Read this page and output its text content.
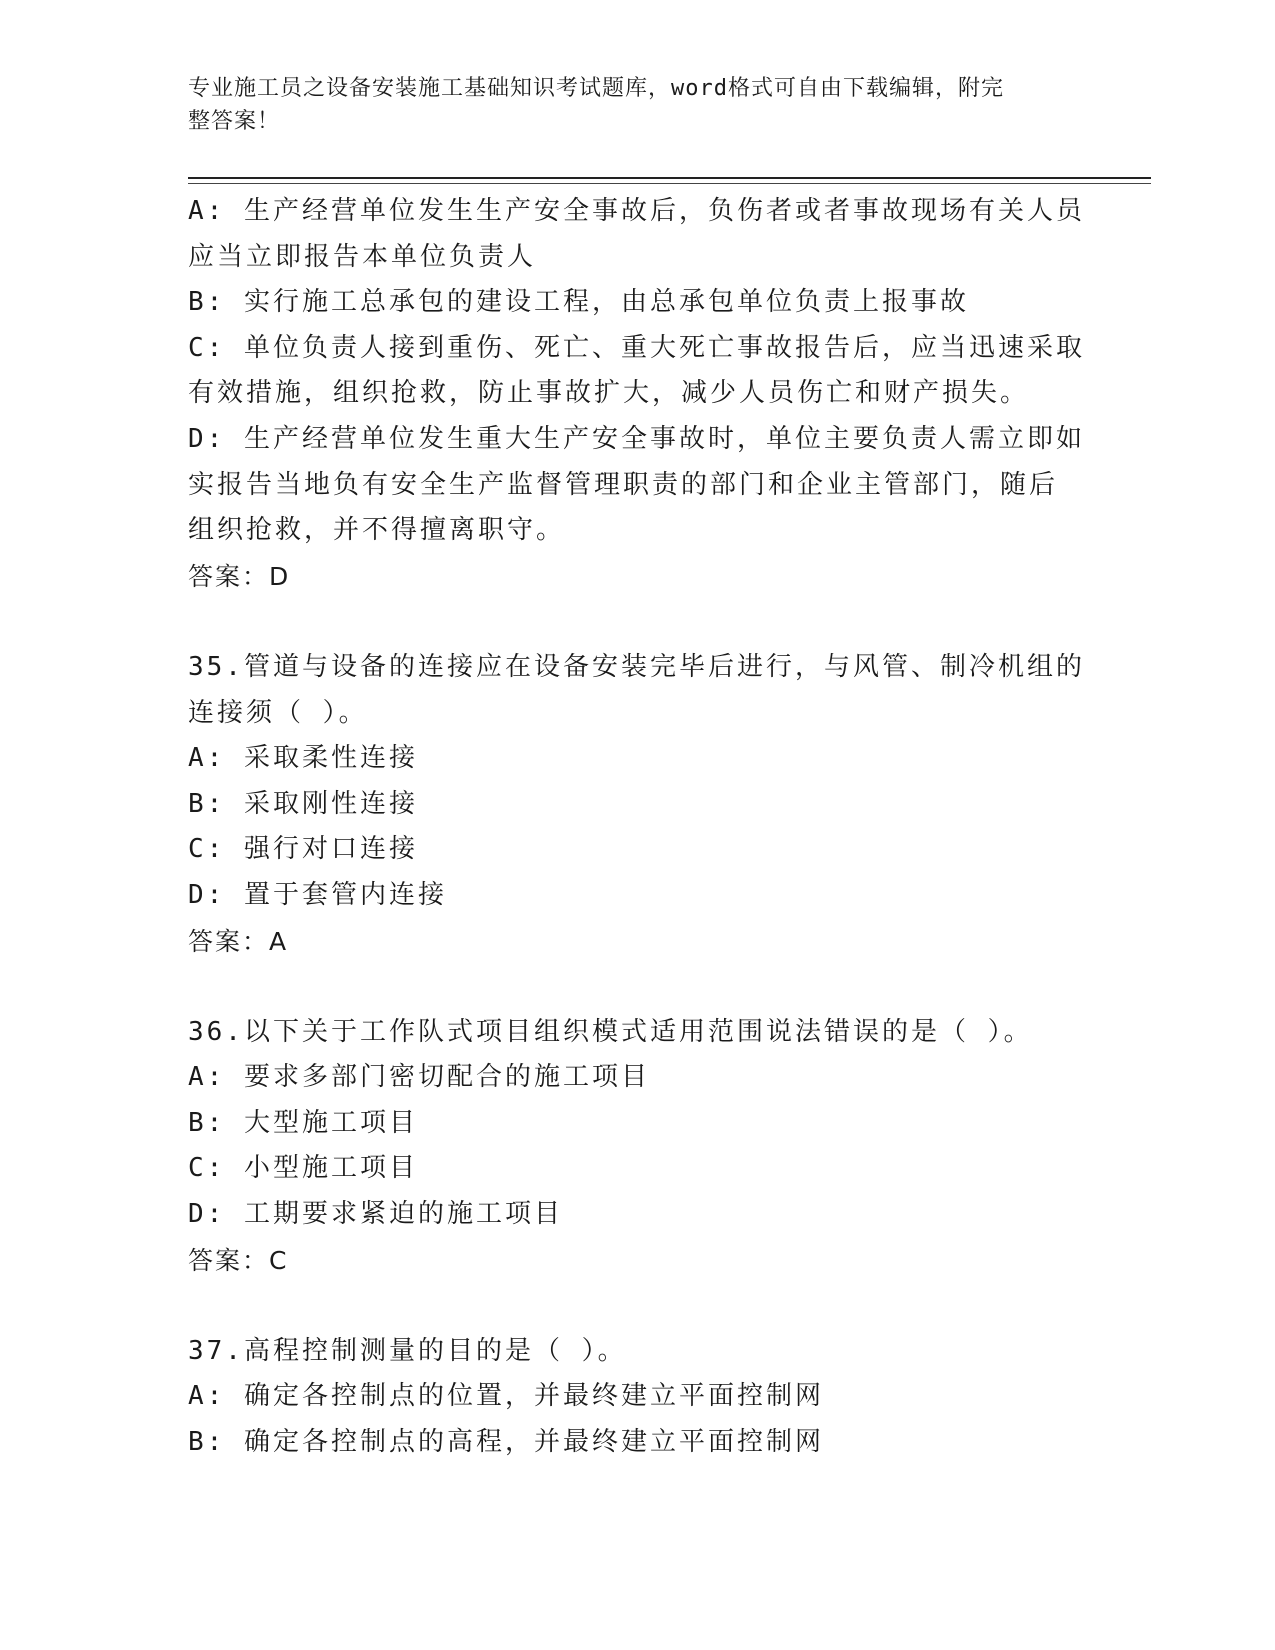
专业施工员之设备安装施工基础知识考试题库，word格式可自由下载编辑，附完
整答案！
A: 生产经营单位发生生产安全事故后，负伤者或者事故现场有关人员
应当立即报告本单位负责人
B: 实行施工总承包的建设工程，由总承包单位负责上报事故
C: 单位负责人接到重伤、死亡、重大死亡事故报告后，应当迅速采取
有效措施，组织抢救，防止事故扩大，减少人员伤亡和财产损失。
D: 生产经营单位发生重大生产安全事故时，单位主要负责人需立即如
实报告当地负有安全生产监督管理职责的部门和企业主管部门，随后
组织抢救，并不得擅离职守。
答案：D
35.管道与设备的连接应在设备安装完毕后进行，与风管、制冷机组的
连接须（ ）。
A: 采取柔性连接
B: 采取刚性连接
C: 强行对口连接
D: 置于套管内连接
答案：A
36.以下关于工作队式项目组织模式适用范围说法错误的是（ ）。
A: 要求多部门密切配合的施工项目
B: 大型施工项目
C: 小型施工项目
D: 工期要求紧迫的施工项目
答案：C
37.高程控制测量的目的是（ ）。
A: 确定各控制点的位置，并最终建立平面控制网
B: 确定各控制点的高程，并最终建立平面控制网
